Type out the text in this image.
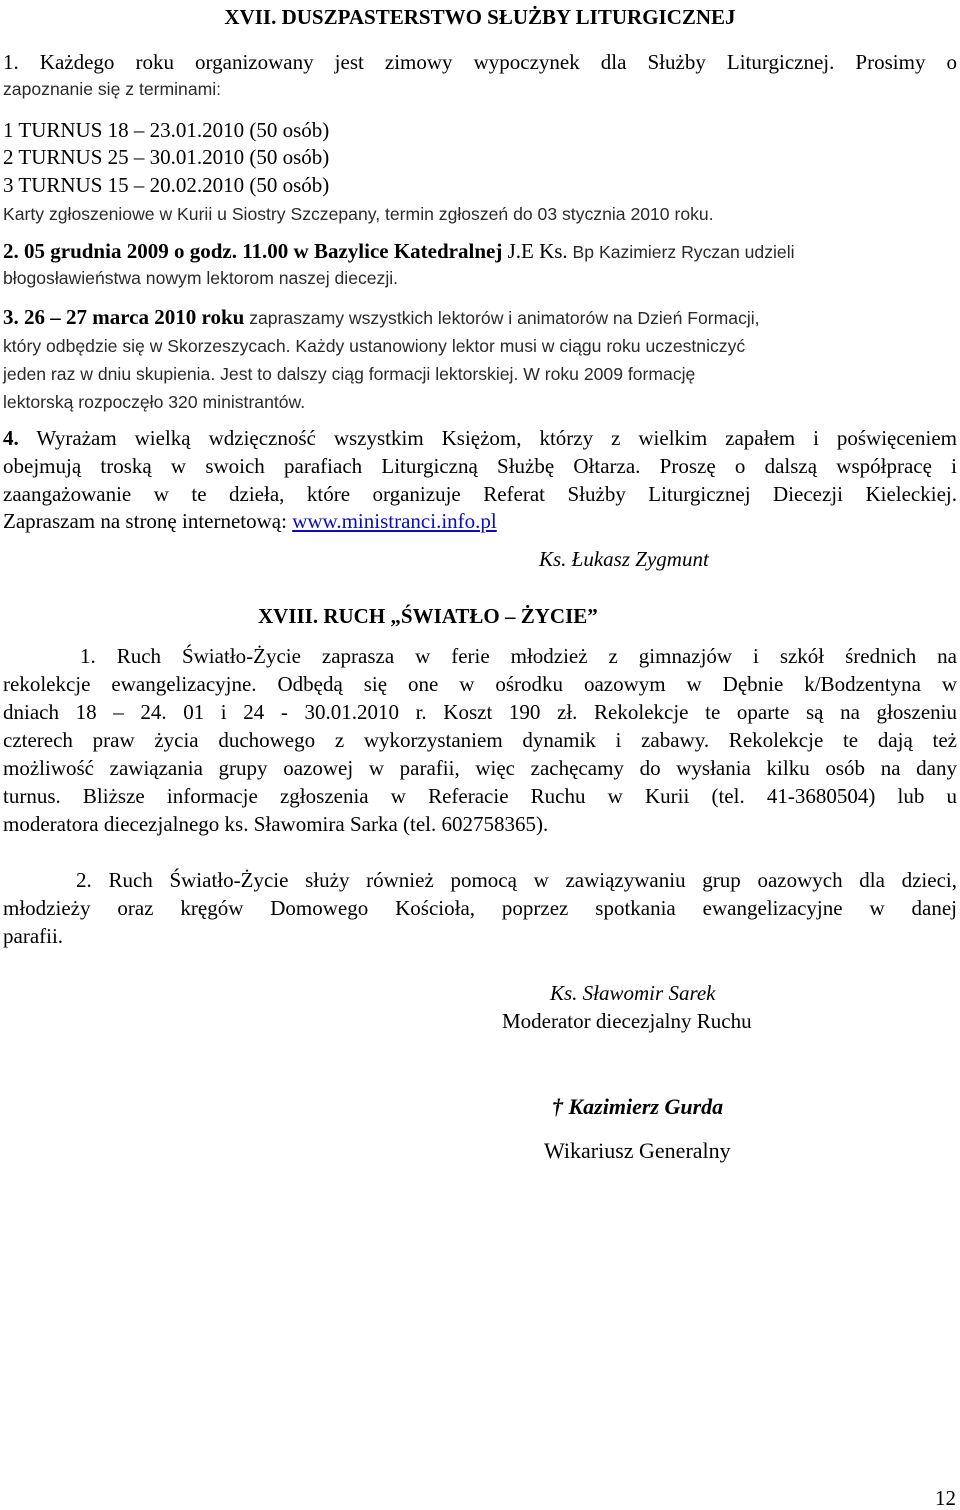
XVII. DUSZPASTERSTWO SŁUŻBY LITURGICZNEJ
1. Każdego roku organizowany jest zimowy wypoczynek dla Służby Liturgicznej. Prosimy o
zapoznanie się z terminami:
1 TURNUS 18 – 23.01.2010 (50 osób)
2 TURNUS 25 – 30.01.2010 (50 osób)
3 TURNUS 15 – 20.02.2010 (50 osób)
Karty zgłoszeniowe w Kurii u Siostry Szczepany, termin zgłoszeń do 03 stycznia 2010 roku.
2. 05 grudnia 2009 o godz. 11.00 w Bazylice Katedralnej J.E Ks. Bp Kazimierz Ryczan udzieli
błogosławieństwa nowym lektorom naszej diecezji.
3. 26 – 27 marca 2010 roku zapraszamy wszystkich lektorów i animatorów na Dzień Formacji,
który odbędzie się w Skorzeszycach. Każdy ustanowiony lektor musi w ciągu roku uczestniczyć
jeden raz w dniu skupienia. Jest to dalszy ciąg formacji lektorskiej. W roku 2009 formację
lektorską rozpoczęło 320 ministrantów.
4. Wyrażam wielką wdzięczność wszystkim Księżom, którzy z wielkim zapałem i poświęceniem
obejmują troską w swoich parafiach Liturgiczną Służbę Ołtarza. Proszę o dalszą współpracę i
zaangażowanie w te dzieła, które organizuje Referat Służby Liturgicznej Diecezji Kieleckiej.
Zapraszam na stronę internetową: www.ministranci.info.pl
Ks. Łukasz Zygmunt
XVIII. RUCH „ŚWIATŁO – ŻYCIE”
1. Ruch Światło-Życie zaprasza w ferie młodzież z gimnazjów i szkół średnich na
rekolekcje ewangelizacyjne. Odbędą się one w ośrodku oazowym w Dębnie k/Bodzentyna w
dniach 18 – 24. 01 i 24 - 30.01.2010 r. Koszt 190 zł. Rekolekcje te oparte są na głoszeniu
czterech praw życia duchowego z wykorzystaniem dynamik i zabawy. Rekolekcje te dają też
możliwość zawiązania grupy oazowej w parafii, więc zachęcamy do wysłania kilku osób na dany
turnus. Bliższe informacje zgłoszenia w Referacie Ruchu w Kurii (tel. 41-3680504) lub u
moderatora diecezjalnego ks. Sławomira Sarka (tel. 602758365).
2. Ruch Światło-Życie służy również pomocą w zawiązywaniu grup oazowych dla dzieci,
młodzieży oraz kręgów Domowego Kościoła, poprzez spotkania ewangelizacyjne w danej
parafii.
Ks. Sławomir Sarek
Moderator diecezjalny Ruchu
† Kazimierz Gurda
Wikariusz Generalny
12
